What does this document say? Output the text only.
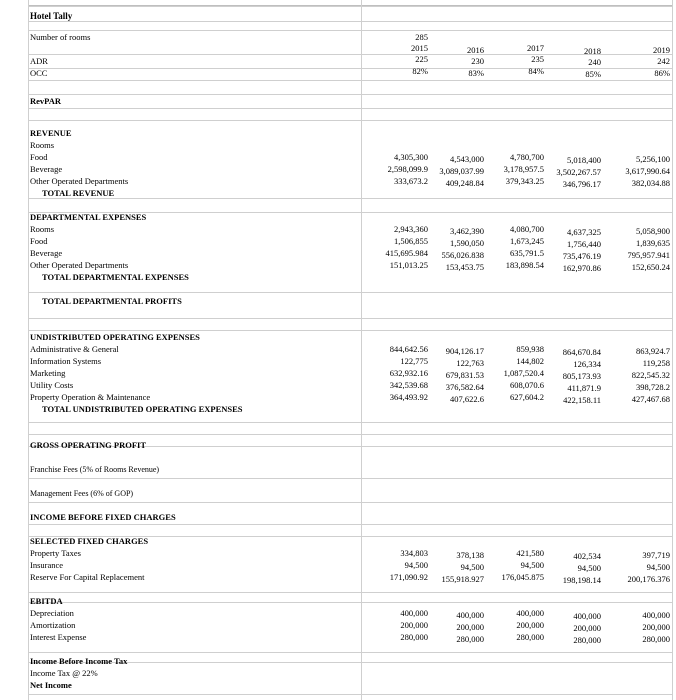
Hotel Tally
Number of rooms	285
2015	2016	2017	2018	2019
ADR	225	230	235	240	242
OCC	82%	83%	84%	85%	86%
RevPAR
REVENUE
Rooms
Food	4,305,300	4,543,000	4,780,700	5,018,400	5,256,100
Beverage	2,598,099.9	3,089,037.99	3,178,957.5	3,502,267.57	3,617,990.64
Other Operated Departments	333,673.2	409,248.84	379,343.25	346,796.17	382,034.88
TOTAL REVENUE
DEPARTMENTAL EXPENSES
Rooms	2,943,360	3,462,390	4,080,700	4,637,325	5,058,900
Food	1,506,855	1,590,050	1,673,245	1,756,440	1,839,635
Beverage	415,695.984	556,026.838	635,791.5	735,476.19	795,957.941
Other Operated Departments	151,013.25	153,453.75	183,898.54	162,970.86	152,650.24
TOTAL DEPARTMENTAL EXPENSES
TOTAL DEPARTMENTAL PROFITS
UNDISTRIBUTED OPERATING EXPENSES
Administrative & General	844,642.56	904,126.17	859,938	864,670.84	863,924.7
Information Systems	122,775	122,763	144,802	126,334	119,258
Marketing	632,932.16	679,831.53	1,087,520.4	805,173.93	822,545.32
Utility Costs	342,539.68	376,582.64	608,070.6	411,871.9	398,728.2
Property Operation & Maintenance	364,493.92	407,622.6	627,604.2	422,158.11	427,467.68
TOTAL UNDISTRIBUTED OPERATING EXPENSES
GROSS OPERATING PROFIT
Franchise Fees (5% of Rooms Revenue)
Management Fees (6% of GOP)
INCOME BEFORE FIXED CHARGES
SELECTED FIXED CHARGES
Property Taxes	334,803	378,138	421,580	402,534	397,719
Insurance	94,500	94,500	94,500	94,500	94,500
Reserve For Capital Replacement	171,090.92	155,918.927	176,045.875	198,198.14	200,176.376
EBITDA
Depreciation	400,000	400,000	400,000	400,000	400,000
Amortization	200,000	200,000	200,000	200,000	200,000
Interest Expense	280,000	280,000	280,000	280,000	280,000
Income Before Income Tax
Income Tax @ 22%
Net Income
